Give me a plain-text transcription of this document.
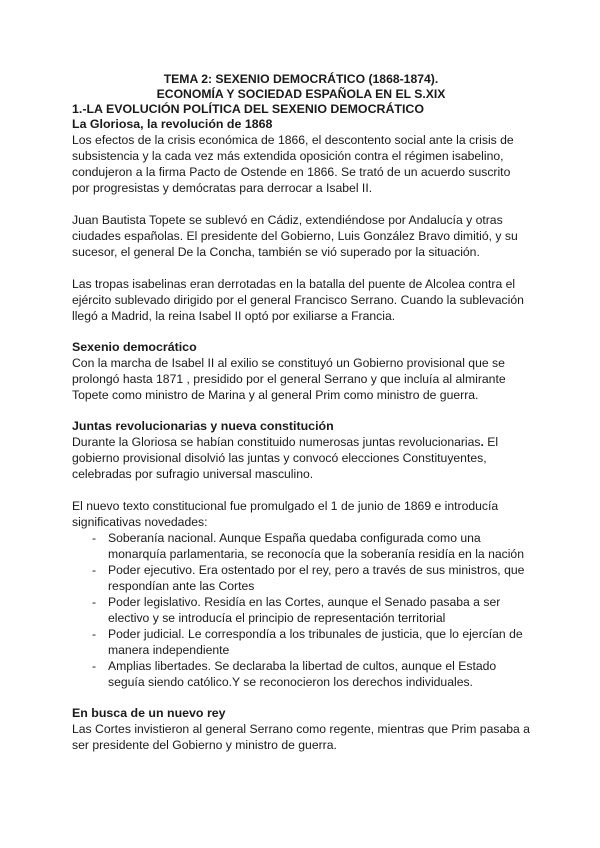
TEMA 2: SEXENIO DEMOCRÁTICO (1868-1874).

ECONOMÍA Y SOCIEDAD ESPAÑOLA EN EL S.XIX

1.-LA EVOLUCIÓN POLÍTICA DEL SEXENIO DEMOCRÁTICO
La Gloriosa, la revolución de 1868

Los efectos de la crisis económica de 1866, el descontento social ante la crisis de subsistencia y la cada vez más extendida oposición contra el régimen isabelino, condujeron a la firma Pacto de Ostende en 1866. Se trató de un acuerdo suscrito por progresistas y demócratas para derrocar a Isabel II.

Juan Bautista Topete se sublevó en Cádiz, extendiéndose por Andalucía y otras ciudades españolas. El presidente del Gobierno, Luis González Bravo dimitió, y su sucesor, el general De la Concha, también se vió superado por la situación.

Las tropas isabelinas eran derrotadas en la batalla del puente de Alcolea contra el ejército sublevado dirigido por el general Francisco Serrano. Cuando la sublevación llegó a Madrid, la reina Isabel II optó por exiliarse a Francia.

Sexenio democrático

Con la marcha de Isabel II al exilio se constituyó un Gobierno provisional que se prolongó hasta 1871 , presidido por el general Serrano y que incluía al almirante Topete como ministro de Marina y al general Prim como ministro de guerra.

Juntas revolucionarias y nueva constitución

Durante la Gloriosa se habían constituido numerosas juntas revolucionarias. El gobierno provisional disolvió las juntas y convocó elecciones Constituyentes, celebradas por sufragio universal masculino.

El nuevo texto constitucional fue promulgado el 1 de junio de 1869 e introducía significativas novedades:

- Soberanía nacional. Aunque España quedaba configurada como una monarquía parlamentaria, se reconocía que la soberanía residía en la nación
- Poder ejecutivo. Era ostentado por el rey, pero a través de sus ministros, que respondían ante las Cortes
- Poder legislativo. Residía en las Cortes, aunque el Senado pasaba a ser electivo y se introducía el principio de representación territorial
- Poder judicial. Le correspondía a los tribunales de justicia, que lo ejercían de manera independiente
- Amplias libertades. Se declaraba la libertad de cultos, aunque el Estado seguía siendo católico.Y se reconocieron los derechos individuales.
En busca de un nuevo rey

Las Cortes invistieron al general Serrano como regente, mientras que Prim pasaba a ser presidente del Gobierno y ministro de guerra.
